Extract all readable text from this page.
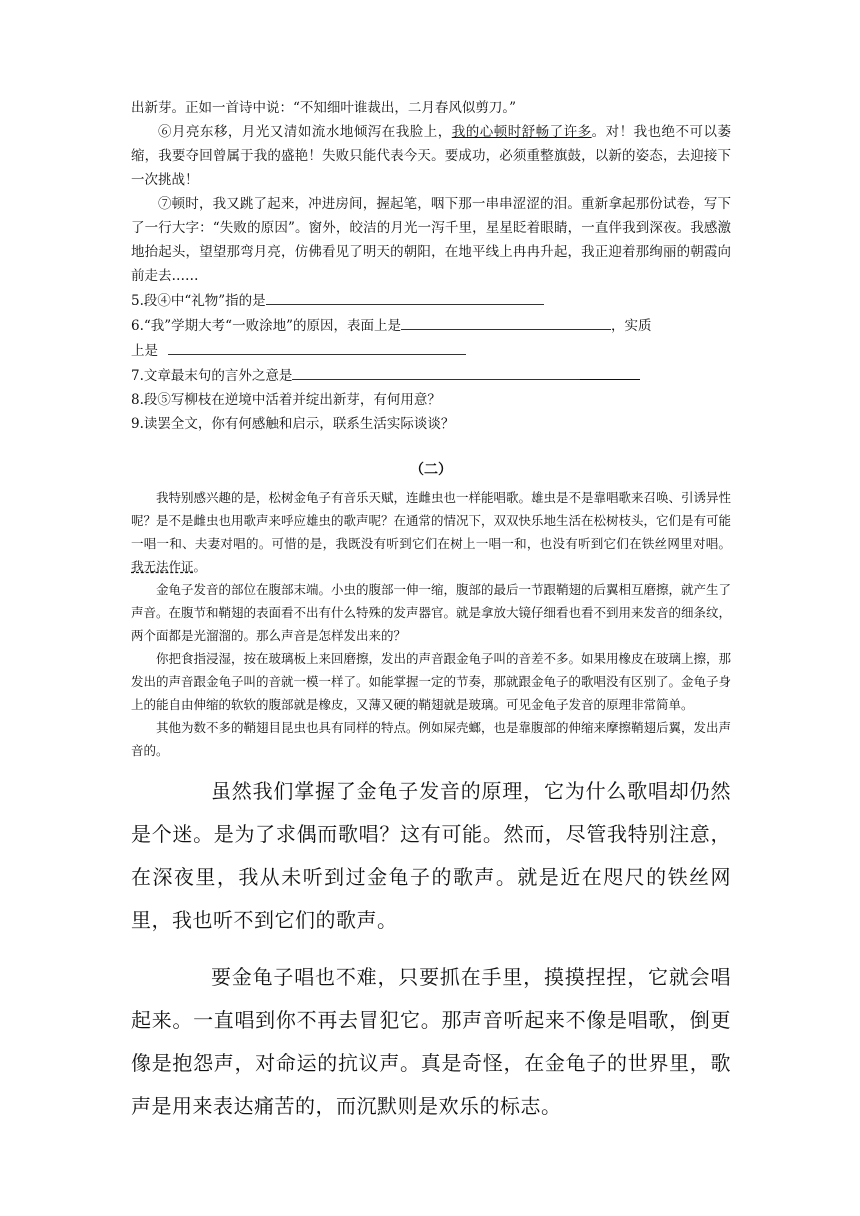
出新芽。正如一首诗中说：“不知细叶谁裁出，二月春风似剪刀。”

⑥月亮东移，月光又清如流水地倾泻在我脸上，我的心顿时舒畅了许多。对！我也绝不可以萎缩，我要夺回曾属于我的盛艳！失败只能代表今天。要成功，必须重整旗鼓，以新的姿态，去迎接下一次挑战！

⑦顿时，我又跳了起来，冲进房间，握起笔，咽下那一串串涩涩的泪。重新拿起那份试卷，写下了一行大字：“失败的原因”。窗外，皎洁的月光一泻千里，星星眨着眼睛，一直伴我到深夜。我感激地抬起头，望望那弯月亮，仿佛看见了明天的朝阳，在地平线上冉冉升起，我正迎着那绚丽的朝霞向前走去……

5.段④中“礼物”指的是

6.“我”学期大考“一败涂地”的原因，表面上是	，实质

上是

7.文章最末句的言外之意是

8.段⑤写柳枝在逆境中活着并绽出新芽，有何用意？

9.读罢全文，你有何感触和启示，联系生活实际谈谈？

（二）

我特别感兴趣的是，松树金龟子有音乐天赋，连雌虫也一样能唱歌。雄虫是不是靠唱歌来召唤、引诱异性呢？是不是雌虫也用歌声来呼应雄虫的歌声呢？在通常的情况下，双双快乐地生活在松树枝头，它们是有可能一唱一和、夫妻对唱的。可惜的是，我既没有听到它们在树上一唱一和，也没有听到它们在铁丝网里对唱。我无法作证。

金龟子发音的部位在腹部末端。小虫的腹部一伸一缩，腹部的最后一节跟鞘翅的后翼相互磨擦，就产生了声音。在腹节和鞘翅的表面看不出有什么特殊的发声器官。就是拿放大镜仔细看也看不到用来发音的细条纹，两个面都是光溜溜的。那么声音是怎样发出来的？

你把食指浸湿，按在玻璃板上来回磨擦，发出的声音跟金龟子叫的音差不多。如果用橡皮在玻璃上擦，那发出的声音跟金龟子叫的音就一模一样了。如能掌握一定的节奏，那就跟金龟子的歌唱没有区别了。金龟子身上的能自由伸缩的软软的腹部就是橡皮，又薄又硬的鞘翅就是玻璃。可见金龟子发音的原理非常简单。

其他为数不多的鞘翅目昆虫也具有同样的特点。例如屎壳螂，也是靠腹部的伸缩来摩擦鞘翅后翼，发出声音的。

虽然我们掌握了金龟子发音的原理，它为什么歌唱却仍然是个迷。是为了求偶而歌唱？这有可能。然而，尽管我特别注意，在深夜里，我从未听到过金龟子的歌声。就是近在咫尺的铁丝网里，我也听不到它们的歌声。

要金龟子唱也不难，只要抓在手里，摸摸捏捏，它就会唱起来。一直唱到你不再去冒犯它。那声音听起来不像是唱歌，倒更像是抱怨声，对命运的抗议声。真是奇怪，在金龟子的世界里，歌声是用来表达痛苦的，而沉默则是欢乐的标志。
